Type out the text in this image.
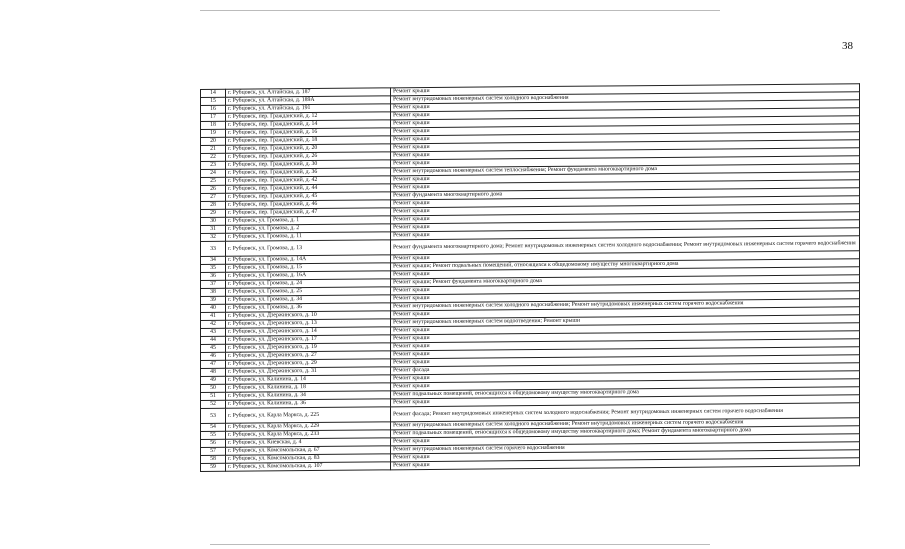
38
14	г. Рубцовск, ул. Алтайская, д. 187	Ремонт крыши
15	г. Рубцовск, ул. Алтайская, д. 189А	Ремонт внутридомовых инженерных систем холодного водоснабжения
16	г. Рубцовск, ул. Алтайская, д. 191	Ремонт крыши
17	г. Рубцовск, пер. Гражданский, д. 12	Ремонт крыши
18	г. Рубцовск, пер. Гражданский, д. 14	Ремонт крыши
19	г. Рубцовск, пер. Гражданский, д. 16	Ремонт крыши
20	г. Рубцовск, пер. Гражданский, д. 18	Ремонт крыши
21	г. Рубцовск, пер. Гражданский, д. 20	Ремонт крыши
22	г. Рубцовск, пер. Гражданский, д. 26	Ремонт крыши
23	г. Рубцовск, пер. Гражданский, д. 30	Ремонт крыши
24	г. Рубцовск, пер. Гражданский, д. 36	Ремонт внутридомовых инженерных систем теплоснабжения; Ремонт фундамента многоквартирного дома
25	г. Рубцовск, пер. Гражданский, д. 42	Ремонт крыши
26	г. Рубцовск, пер. Гражданский, д. 44	Ремонт крыши
27	г. Рубцовск, пер. Гражданский, д. 45	Ремонт фундамента многоквартирного дома
28	г. Рубцовск, пер. Гражданский, д. 46	Ремонт крыши
29	г. Рубцовск, пер. Гражданский, д. 47	Ремонт крыши
30	г. Рубцовск, ул. Громова, д. 1	Ремонт крыши
31	г. Рубцовск, ул. Громова, д. 2	Ремонт крыши
32	г. Рубцовск, ул. Громова, д. 11	Ремонт крыши
33	г. Рубцовск, ул. Громова, д. 13	Ремонт фундамента многоквартирного дома; Ремонт внутридомовых инженерных систем холодного водоснабжения; Ремонт внутридомовых инженерных систем горячего водоснабжения
34	г. Рубцовск, ул. Громова, д. 14А	Ремонт крыши
35	г. Рубцовск, ул. Громова, д. 15	Ремонт крыши; Ремонт подвальных помещений, относящихся к общедомовому имуществу многоквартирного дома
36	г. Рубцовск, ул. Громова, д. 16А	Ремонт крыши
37	г. Рубцовск, ул. Громова, д. 24	Ремонт крыши; Ремонт фундамента многоквартирного дома
38	г. Рубцовск, ул. Громова, д. 25	Ремонт крыши
39	г. Рубцовск, ул. Громова, д. 34	Ремонт крыши
40	г. Рубцовск, ул. Громова, д. 36	Ремонт внутридомовых инженерных систем холодного водоснабжения; Ремонт внутридомовых инженерных систем горячего водоснабжения
41	г. Рубцовск, ул. Дзержинского, д. 10	Ремонт крыши
42	г. Рубцовск, ул. Дзержинского, д. 13	Ремонт внутридомовых инженерных систем водоотведения; Ремонт крыши
43	г. Рубцовск, ул. Дзержинского, д. 14	Ремонт крыши
44	г. Рубцовск, ул. Дзержинского, д. 17	Ремонт крыши
45	г. Рубцовск, ул. Дзержинского, д. 19	Ремонт крыши
46	г. Рубцовск, ул. Дзержинского, д. 27	Ремонт крыши
47	г. Рубцовск, ул. Дзержинского, д. 29	Ремонт крыши
48	г. Рубцовск, ул. Дзержинского, д. 31	Ремонт фасада
49	г. Рубцовск, ул. Калинина, д. 14	Ремонт крыши
50	г. Рубцовск, ул. Калинина, д. 18	Ремонт крыши
51	г. Рубцовск, ул. Калинина, д. 34	Ремонт подвальных помещений, относящихся к общедомовому имуществу многоквартирного дома
52	г. Рубцовск, ул. Калинина, д. 36	Ремонт крыши
53	г. Рубцовск, ул. Карла Маркса, д. 225	Ремонт фасада; Ремонт внутридомовых инженерных систем холодного водоснабжения; Ремонт внутридомовых инженерных систем горячего водоснабжения
54	г. Рубцовск, ул. Карла Маркса, д. 229	Ремонт внутридомовых инженерных систем холодного водоснабжения; Ремонт внутридомовых инженерных систем горячего водоснабжения
55	г. Рубцовск, ул. Карла Маркса, д. 233	Ремонт подвальных помещений, относящихся к общедомовому имуществу многоквартирного дома; Ремонт фундамента многоквартирного дома
56	г. Рубцовск, ул. Киевская, д. 4	Ремонт крыши
57	г. Рубцовск, ул. Комсомольская, д. 67	Ремонт внутридомовых инженерных систем горячего водоснабжения
58	г. Рубцовск, ул. Комсомольская, д. 83	Ремонт крыши
59	г. Рубцовск, ул. Комсомольская, д. 107	Ремонт крыши
